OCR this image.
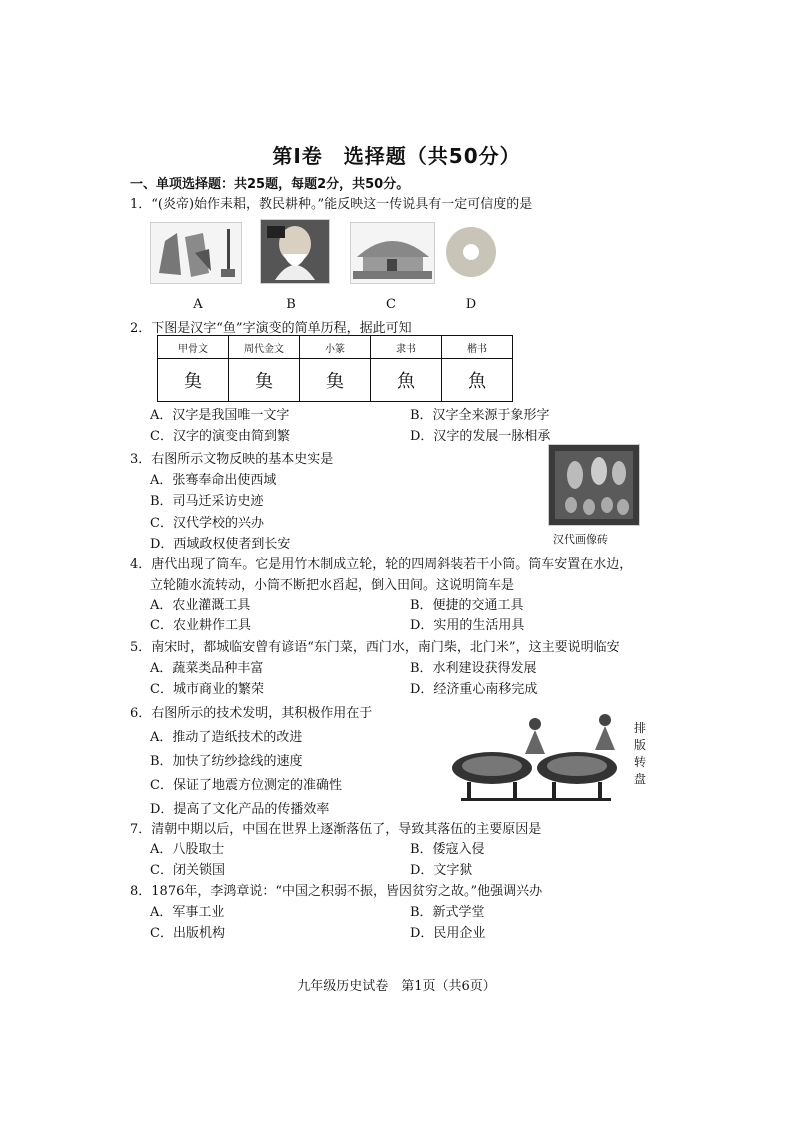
第Ⅰ卷　选择题（共50分）
一、单项选择题：共25题，每题2分，共50分。
1．“(炎帝)始作耒耜，教民耕种。”能反映这一传说具有一定可信度的是
A	B	C	D
2．下图是汉字“鱼”字演变的简单历程，据此可知
甲骨文	周代金文	小篆	隶书	楷书
𩵋	𩵋	𩵋	魚	魚
A．汉字是我国唯一文字	B．汉字全来源于象形字
C．汉字的演变由简到繁	D．汉字的发展一脉相承
3．右图所示文物反映的基本史实是
A．张骞奉命出使西域
B．司马迁采访史迹
C．汉代学校的兴办
D．西域政权使者到长安	汉代画像砖
4．唐代出现了筒车。它是用竹木制成立轮，轮的四周斜装若干小筒。筒车安置在水边，
立轮随水流转动，小筒不断把水舀起，倒入田间。这说明筒车是
A．农业灌溉工具	B．便捷的交通工具
C．农业耕作工具	D．实用的生活用具
5．南宋时，都城临安曾有谚语“东门菜，西门水，南门柴，北门米”，这主要说明临安
A．蔬菜类品种丰富	B．水利建设获得发展
C．城市商业的繁荣	D．经济重心南移完成
6．右图所示的技术发明，其积极作用在于
A．推动了造纸技术的改进
B．加快了纺纱捻线的速度
C．保证了地震方位测定的准确性
D．提高了文化产品的传播效率
排版转盘
7．清朝中期以后，中国在世界上逐渐落伍了，导致其落伍的主要原因是
A．八股取士	B．倭寇入侵
C．闭关锁国	D．文字狱
8．1876年，李鸿章说：“中国之积弱不振，皆因贫穷之故。”他强调兴办
A．军事工业	B．新式学堂
C．出版机构	D．民用企业
九年级历史试卷　第1页（共6页）
